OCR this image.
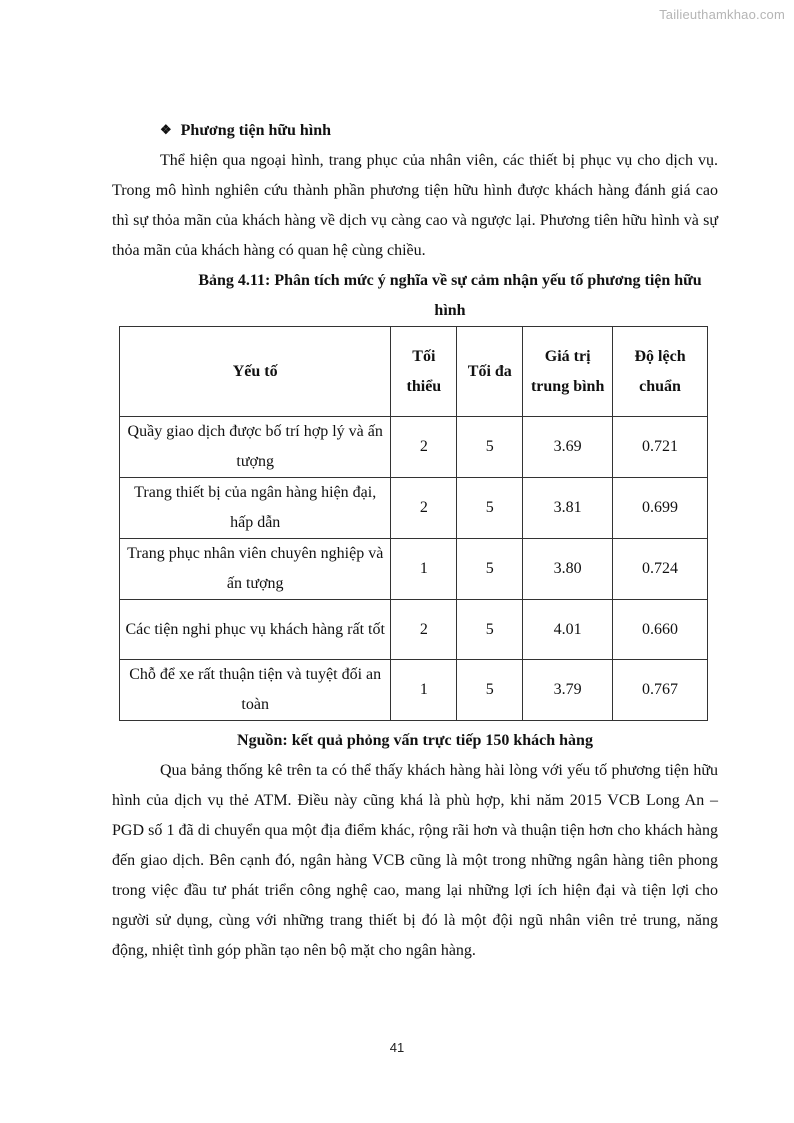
Tailieuthamkhao.com
❖ Phương tiện hữu hình

Thể hiện qua ngoại hình, trang phục của nhân viên, các thiết bị phục vụ cho dịch vụ. Trong mô hình nghiên cứu thành phần phương tiện hữu hình được khách hàng đánh giá cao thì sự thỏa mãn của khách hàng về dịch vụ càng cao và ngược lại. Phương tiên hữu hình và sự thỏa mãn của khách hàng có quan hệ cùng chiều.

Bảng 4.11: Phân tích mức ý nghĩa về sự cảm nhận yếu tố phương tiện hữu hình
Yếu tố	Tối thiểu	Tối đa	Giá trị trung bình	Độ lệch chuẩn
Quầy giao dịch được bố trí hợp lý và ấn tượng	2	5	3.69	0.721
Trang thiết bị của ngân hàng hiện đại, hấp dẫn	2	5	3.81	0.699
Trang phục nhân viên chuyên nghiệp và ấn tượng	1	5	3.80	0.724
Các tiện nghi phục vụ khách hàng rất tốt	2	5	4.01	0.660
Chỗ để xe rất thuận tiện và tuyệt đối an toàn	1	5	3.79	0.767
Nguồn: kết quả phỏng vấn trực tiếp 150 khách hàng

Qua bảng thống kê trên ta có thể thấy khách hàng hài lòng với yếu tố phương tiện hữu hình của dịch vụ thẻ ATM. Điều này cũng khá là phù hợp, khi năm 2015 VCB Long An – PGD số 1 đã di chuyển qua một địa điểm khác, rộng rãi hơn và thuận tiện hơn cho khách hàng đến giao dịch. Bên cạnh đó, ngân hàng VCB cũng là một trong những ngân hàng tiên phong trong việc đầu tư phát triển công nghệ cao, mang lại những lợi ích hiện đại và tiện lợi cho người sử dụng, cùng với những trang thiết bị đó là một đội ngũ nhân viên trẻ trung, năng động, nhiệt tình góp phần tạo nên bộ mặt cho ngân hàng.

41
